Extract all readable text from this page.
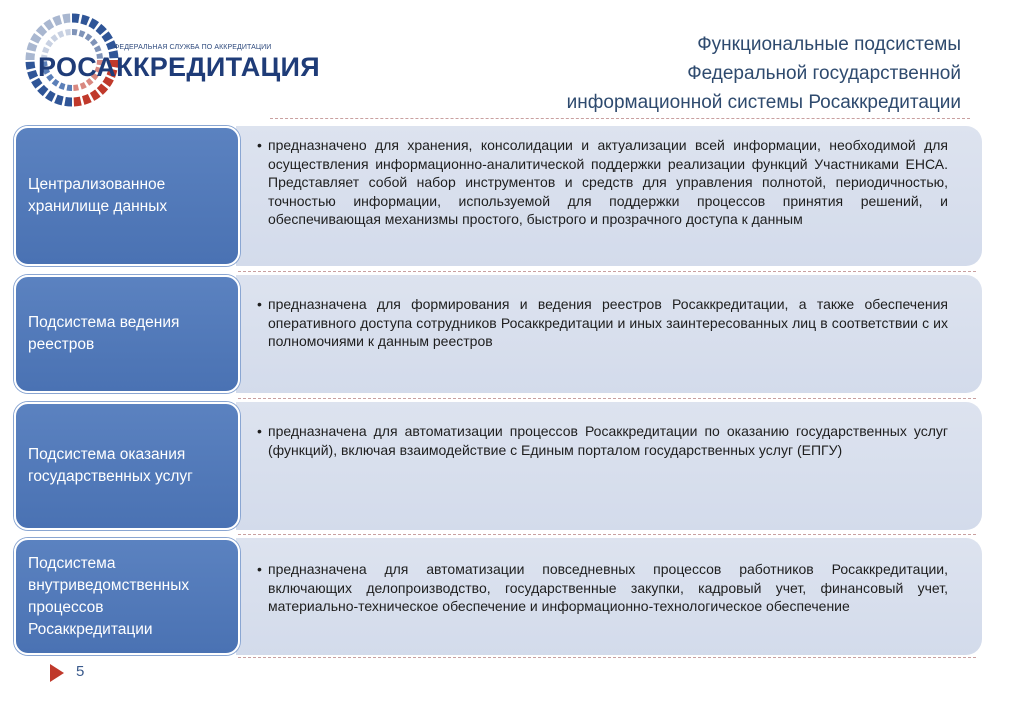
ФЕДЕРАЛЬНАЯ СЛУЖБА ПО АККРЕДИТАЦИИ
РОСАККРЕДИТАЦИЯ
Функциональные подсистемы
Федеральной государственной
информационной системы Росаккредитации
• предназначено для хранения, консолидации и актуализации всей информации, необходимой для осуществления информационно-аналитической поддержки реализации функций Участниками ЕНСА. Представляет собой набор инструментов и средств для управления полнотой, периодичностью, точностью информации, используемой для поддержки процессов принятия решений, и обеспечивающая механизмы простого, быстрого и прозрачного доступа к данным
Централизованное хранилище данных
• предназначена для формирования и ведения реестров Росаккредитации, а также обеспечения оперативного доступа сотрудников Росаккредитации и иных заинтересованных лиц в соответствии с их полномочиями к данным реестров
Подсистема ведения реестров
• предназначена для автоматизации процессов Росаккредитации по оказанию государственных услуг (функций), включая взаимодействие с Единым порталом государственных услуг (ЕПГУ)
Подсистема оказания государственных услуг
• предназначена для автоматизации повседневных процессов работников Росаккредитации, включающих делопроизводство, государственные закупки, кадровый учет, финансовый учет, материально-техническое обеспечение и информационно-технологическое обеспечение
Подсистема внутриведомственных процессов Росаккредитации
5
